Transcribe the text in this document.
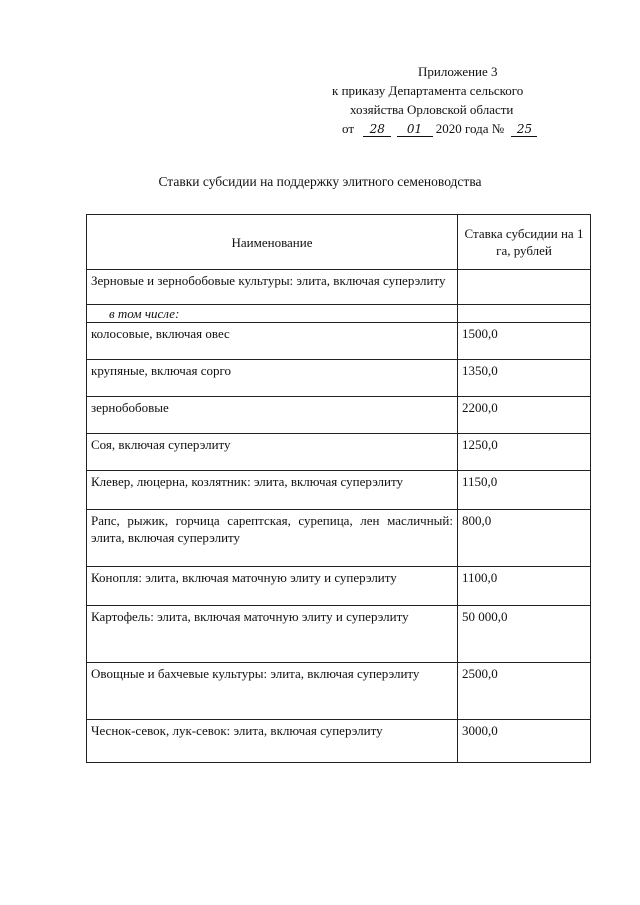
Приложение 3
к приказу Департамента сельского
хозяйства Орловской области
от 28 01 2020 года № 25
Ставки субсидии на поддержку элитного семеноводства
Наименование	Ставка субсидии на 1 га, рублей
Зерновые и зернобобовые культуры: элита, включая суперэлиту	
в том числе:	
колосовые, включая овес	1500,0
крупяные, включая сорго	1350,0
зернобобовые	2200,0
Соя, включая суперэлиту	1250,0
Клевер, люцерна, козлятник: элита, включая суперэлиту	1150,0
Рапс, рыжик, горчица сарептская, сурепица, лен масличный: элита, включая суперэлиту	800,0
Конопля: элита, включая маточную элиту и суперэлиту	1100,0
Картофель: элита, включая маточную элиту и суперэлиту	50 000,0
Овощные и бахчевые культуры: элита, включая суперэлиту	2500,0
Чеснок-севок, лук-севок: элита, включая суперэлиту	3000,0
